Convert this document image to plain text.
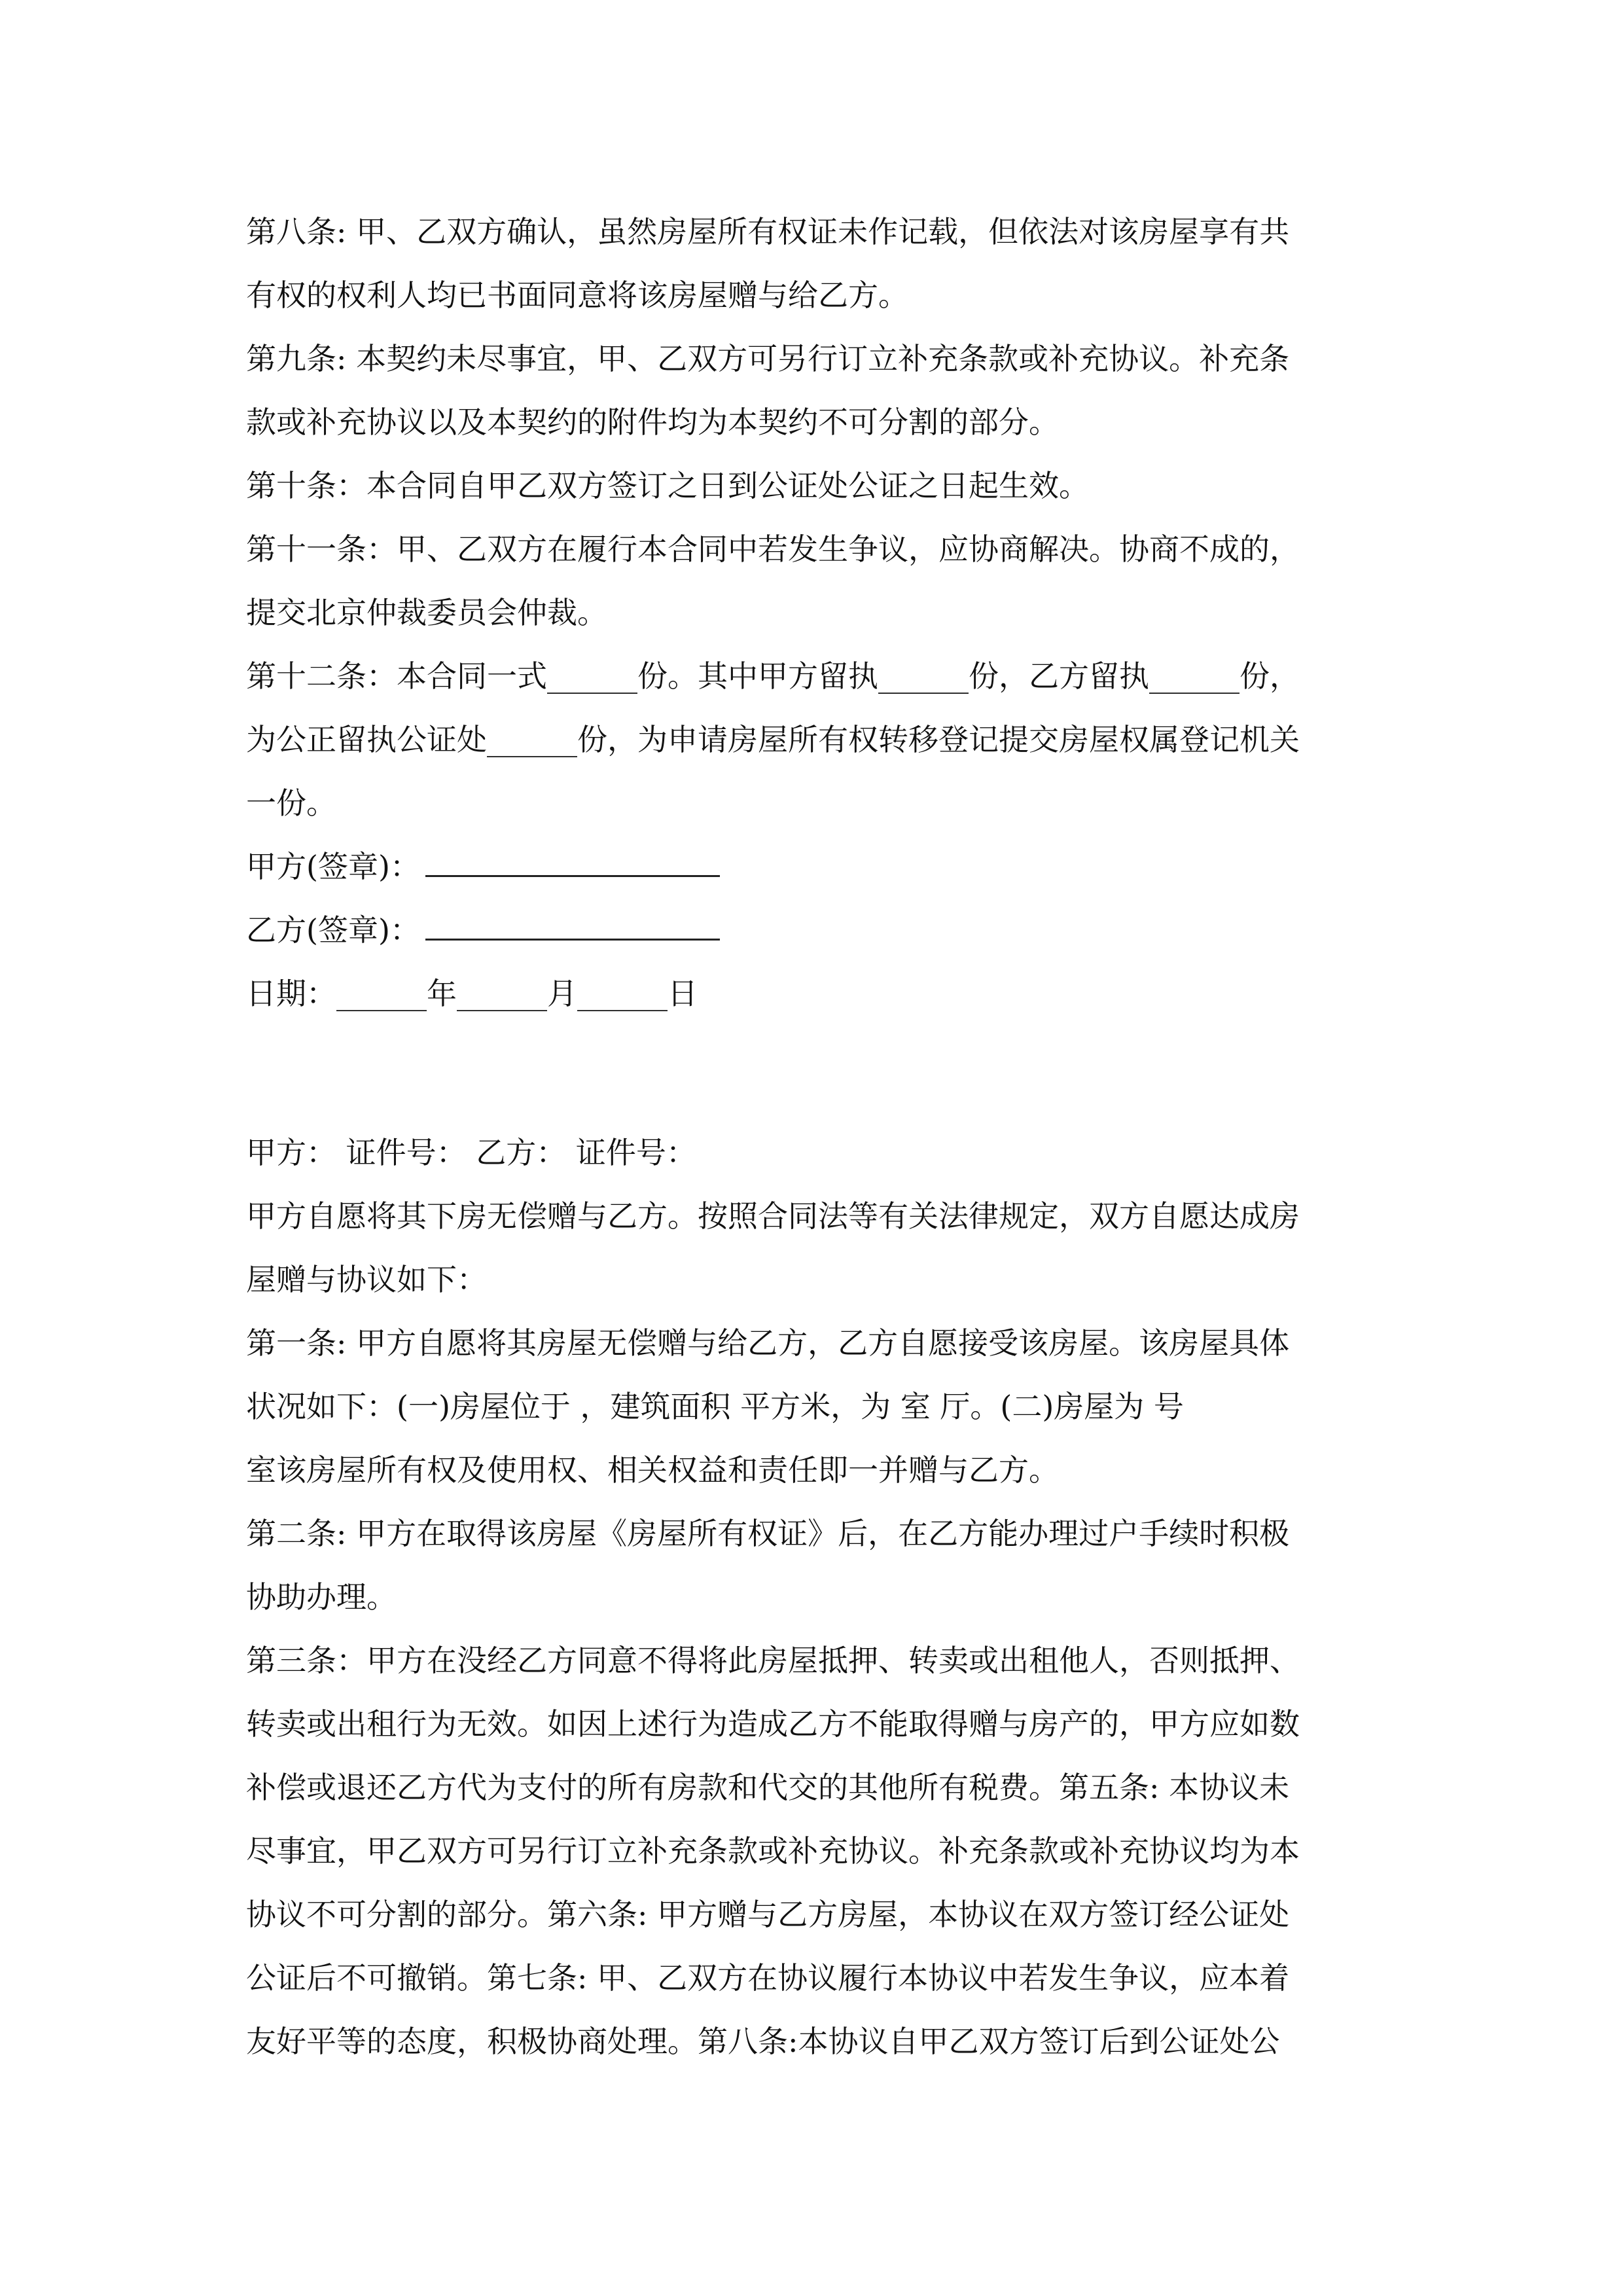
第八条: 甲、乙双方确认，虽然房屋所有权证未作记载，但依法对该房屋享有共
有权的权利人均已书面同意将该房屋赠与给乙方。
第九条: 本契约未尽事宜，甲、乙双方可另行订立补充条款或补充协议。补充条
款或补充协议以及本契约的附件均为本契约不可分割的部分。
第十条：本合同自甲乙双方签订之日到公证处公证之日起生效。
第十一条：甲、乙双方在履行本合同中若发生争议，应协商解决。协商不成的，
提交北京仲裁委员会仲裁。
第十二条：本合同一式______份。其中甲方留执______份，乙方留执______份，
为公正留执公证处______份，为申请房屋所有权转移登记提交房屋权属登记机关
一份。
甲方(签章)：
乙方(签章)：
日期：______年______月______日
甲方： 证件号： 乙方： 证件号：
甲方自愿将其下房无偿赠与乙方。按照合同法等有关法律规定，双方自愿达成房
屋赠与协议如下：
第一条: 甲方自愿将其房屋无偿赠与给乙方，乙方自愿接受该房屋。该房屋具体
状况如下：(一)房屋位于 ，建筑面积 平方米，为 室 厅。(二)房屋为 号
室该房屋所有权及使用权、相关权益和责任即一并赠与乙方。
第二条: 甲方在取得该房屋《房屋所有权证》后，在乙方能办理过户手续时积极
协助办理。
第三条：甲方在没经乙方同意不得将此房屋抵押、转卖或出租他人，否则抵押、
转卖或出租行为无效。如因上述行为造成乙方不能取得赠与房产的，甲方应如数
补偿或退还乙方代为支付的所有房款和代交的其他所有税费。第五条: 本协议未
尽事宜，甲乙双方可另行订立补充条款或补充协议。补充条款或补充协议均为本
协议不可分割的部分。第六条: 甲方赠与乙方房屋，本协议在双方签订经公证处
公证后不可撤销。第七条: 甲、乙双方在协议履行本协议中若发生争议，应本着
友好平等的态度，积极协商处理。第八条:本协议自甲乙双方签订后到公证处公
